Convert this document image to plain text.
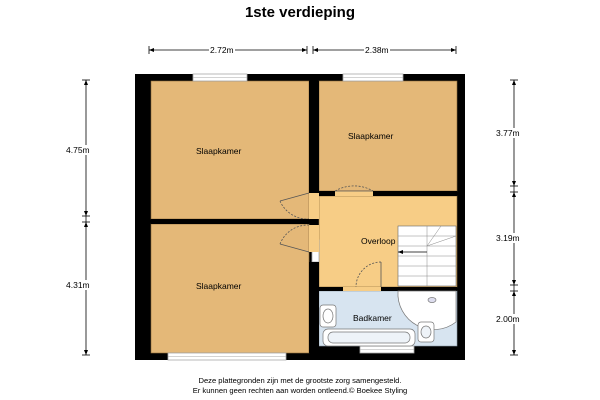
1ste verdieping
2.72m	2.38m
4.75m
4.31m
3.77m
3.19m
2.00m
Slaapkamer
Slaapkamer
Slaapkamer
Overloop
Badkamer
Deze plattegronden zijn met de grootste zorg samengesteld.
Er kunnen geen rechten aan worden ontleend.© Boekee Styling
